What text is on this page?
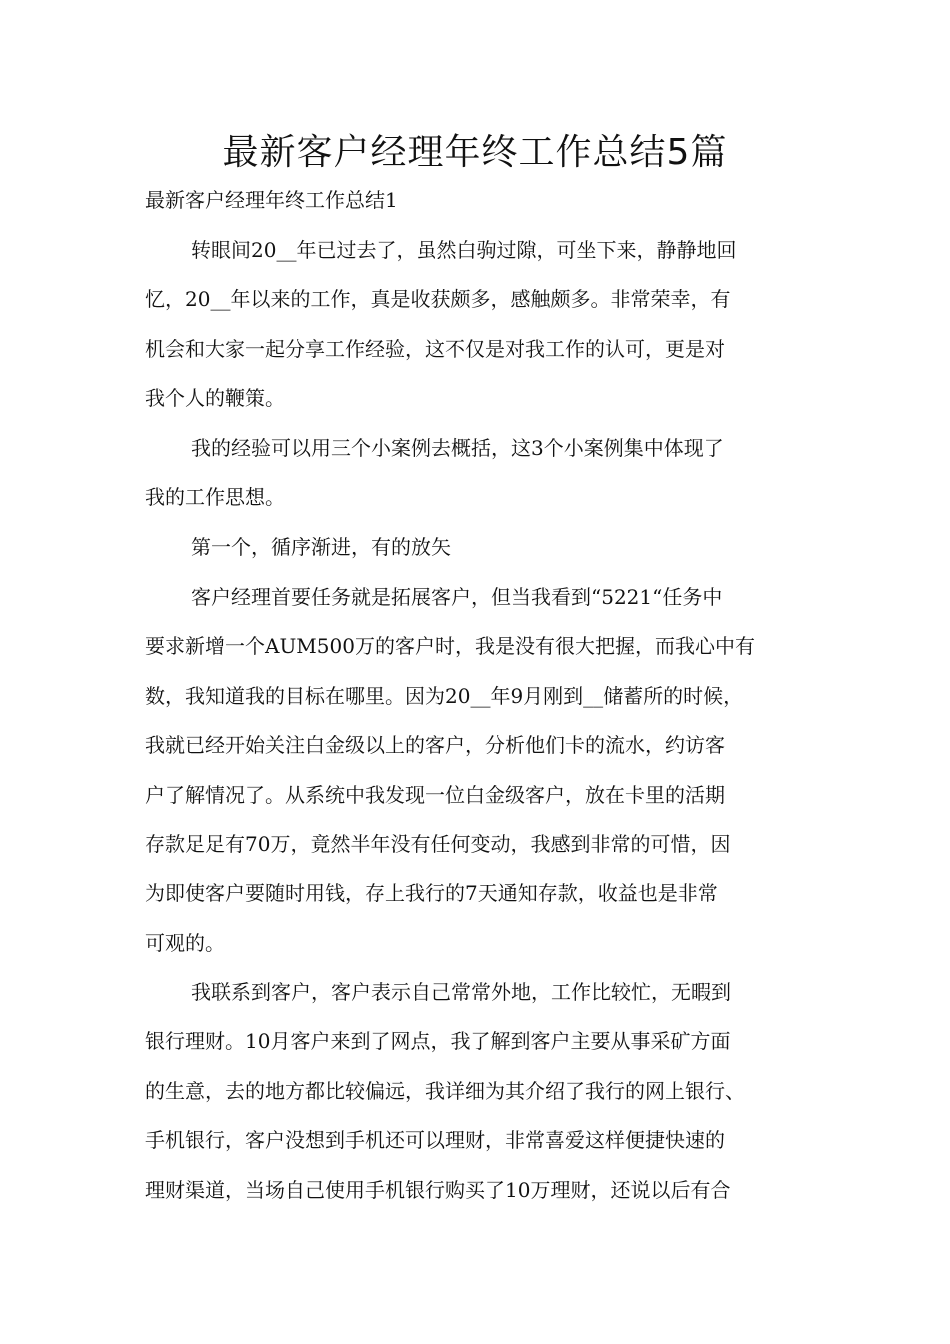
最新客户经理年终工作总结5篇
最新客户经理年终工作总结1
转眼间20__年已过去了，虽然白驹过隙，可坐下来，静静地回
忆，20__年以来的工作，真是收获颇多，感触颇多。非常荣幸，有
机会和大家一起分享工作经验，这不仅是对我工作的认可，更是对
我个人的鞭策。
我的经验可以用三个小案例去概括，这3个小案例集中体现了
我的工作思想。
第一个，循序渐进，有的放矢
客户经理首要任务就是拓展客户，但当我看到“5221“任务中
要求新增一个AUM500万的客户时，我是没有很大把握，而我心中有
数，我知道我的目标在哪里。因为20__年9月刚到__储蓄所的时候，
我就已经开始关注白金级以上的客户，分析他们卡的流水，约访客
户了解情况了。从系统中我发现一位白金级客户，放在卡里的活期
存款足足有70万，竟然半年没有任何变动，我感到非常的可惜，因
为即使客户要随时用钱，存上我行的7天通知存款，收益也是非常
可观的。
我联系到客户，客户表示自己常常外地，工作比较忙，无暇到
银行理财。10月客户来到了网点，我了解到客户主要从事采矿方面
的生意，去的地方都比较偏远，我详细为其介绍了我行的网上银行、
手机银行，客户没想到手机还可以理财，非常喜爱这样便捷快速的
理财渠道，当场自己使用手机银行购买了10万理财，还说以后有合
